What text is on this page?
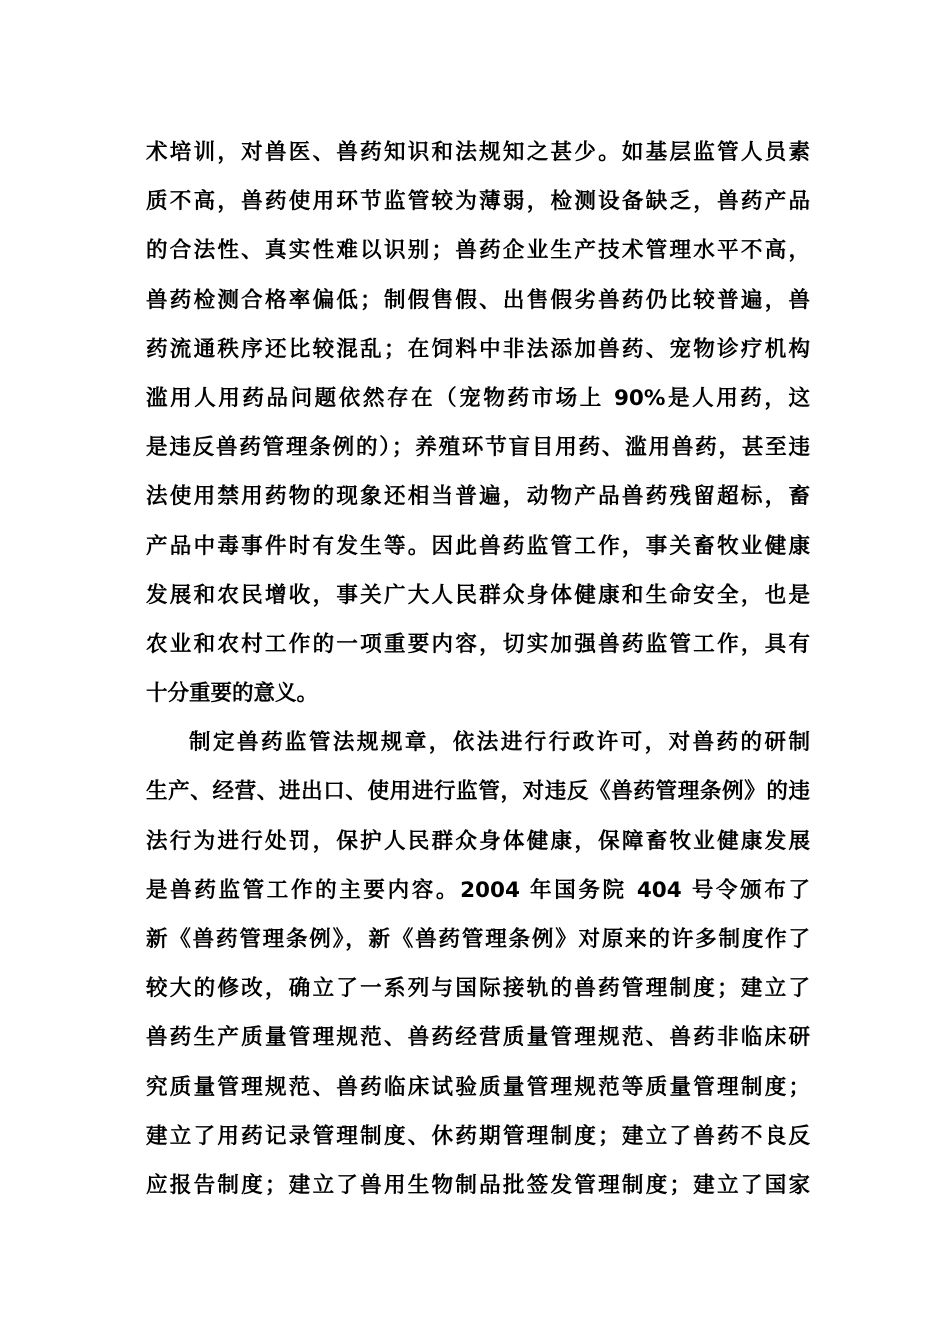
术培训，对兽医、兽药知识和法规知之甚少。如基层监管人员素
质不高，兽药使用环节监管较为薄弱，检测设备缺乏，兽药产品
的合法性、真实性难以识别；兽药企业生产技术管理水平不高，
兽药检测合格率偏低；制假售假、出售假劣兽药仍比较普遍，兽
药流通秩序还比较混乱；在饲料中非法添加兽药、宠物诊疗机构
滥用人用药品问题依然存在（宠物药市场上 90%是人用药，这
是违反兽药管理条例的）；养殖环节盲目用药、滥用兽药，甚至违
法使用禁用药物的现象还相当普遍，动物产品兽药残留超标，畜
产品中毒事件时有发生等。因此兽药监管工作，事关畜牧业健康
发展和农民增收，事关广大人民群众身体健康和生命安全，也是
农业和农村工作的一项重要内容，切实加强兽药监管工作，具有
十分重要的意义。
制定兽药监管法规规章，依法进行行政许可，对兽药的研制
生产、经营、进出口、使用进行监管，对违反《兽药管理条例》的违
法行为进行处罚，保护人民群众身体健康，保障畜牧业健康发展
是兽药监管工作的主要内容。2004 年国务院 404 号令颁布了
新《兽药管理条例》，新《兽药管理条例》对原来的许多制度作了
较大的修改，确立了一系列与国际接轨的兽药管理制度；建立了
兽药生产质量管理规范、兽药经营质量管理规范、兽药非临床研
究质量管理规范、兽药临床试验质量管理规范等质量管理制度；
建立了用药记录管理制度、休药期管理制度；建立了兽药不良反
应报告制度；建立了兽用生物制品批签发管理制度；建立了国家
